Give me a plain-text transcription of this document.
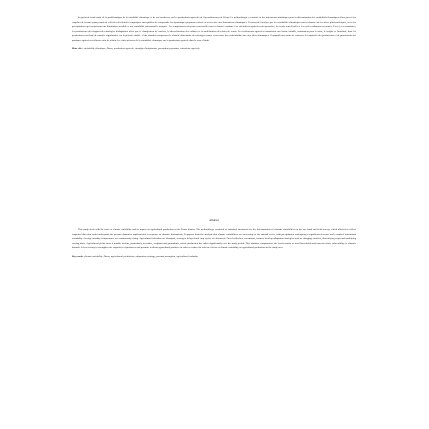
La présente étude traite de la problématique de la variabilité climatique et de ses incidences sur les productions agricoles de l'arrondissement de Dema. La méthodologie a consisté en des traitements statistiques pour la détermination des variabilités climatiques d'une part et des enquêtes de terrain ayant permis de collecter des données empiriques susceptibles de comprendre les dynamiques paysannes mises en œuvre face aux fluctuations climatiques. Il ressort de l'analyse que les variabilités climatiques sont en hausse sur les séries pluviométriques, avec des précipitations qui connaissent une diminution sensible et une variabilité interannuelle marquée. Les températures moyennes mensuelles sont en hausse continue. Les calendriers agricoles sont perturbés, les semis sont décalés et les cycles culturaux raccourcis. Face à ces contraintes, les producteurs développent des stratégies d'adaptation telles que le changement de variétés, la diversification des cultures et la modification des dates de semis. Les rendements agricoles connaissent une baisse notable, notamment pour le maïs, le sorgho et l'arachide, dont les productions ont chuté de manière significative sur la période étudiée. Cette situation compromet la sécurité alimentaire des ménages ruraux et accentue leur vulnérabilité face aux aléas climatiques. Il apparaît nécessaire de renforcer les capacités des producteurs et de promouvoir des pratiques agricoles résilientes afin de réduire les effets néfastes de la variabilité climatique sur la production agricole dans la zone d'étude.

Mots clés : variabilité climatique, Dema, production agricole, stratégie d'adaptation, perception paysanne, calendrier agricole

Abstract

This study deals with the issue of climate variability and its impact on agricultural production in the Dema district. The methodology consisted of statistical treatments for the determination of climatic variabilities on the one hand and field surveys which allowed to collect empirical data that could understand the peasant dynamics implemented in response to climatic fluctuations. It appears from the analysis that climate variabilities are increasing on the rainfall series, with precipitation undergoing a significant decrease and a marked interannual variability. Average monthly temperatures are continuously rising. Agricultural calendars are disrupted, sowing is delayed and crop cycles are shortened. Faced with these constraints, farmers develop adaptation strategies such as changing varieties, diversifying crops and modifying sowing dates. Agricultural yields show a notable decline, particularly for maize, sorghum and groundnuts, whose production has fallen significantly over the study period. This situation compromises the food security of rural households and increases their vulnerability to climatic hazards. It is necessary to strengthen the capacities of producers and promote resilient agricultural practices in order to reduce the adverse effects of climate variability on agricultural production in the study area.

Key words: climate variability, Dema, agricultural production, adaptation strategy, peasant perception, agricultural calendar
